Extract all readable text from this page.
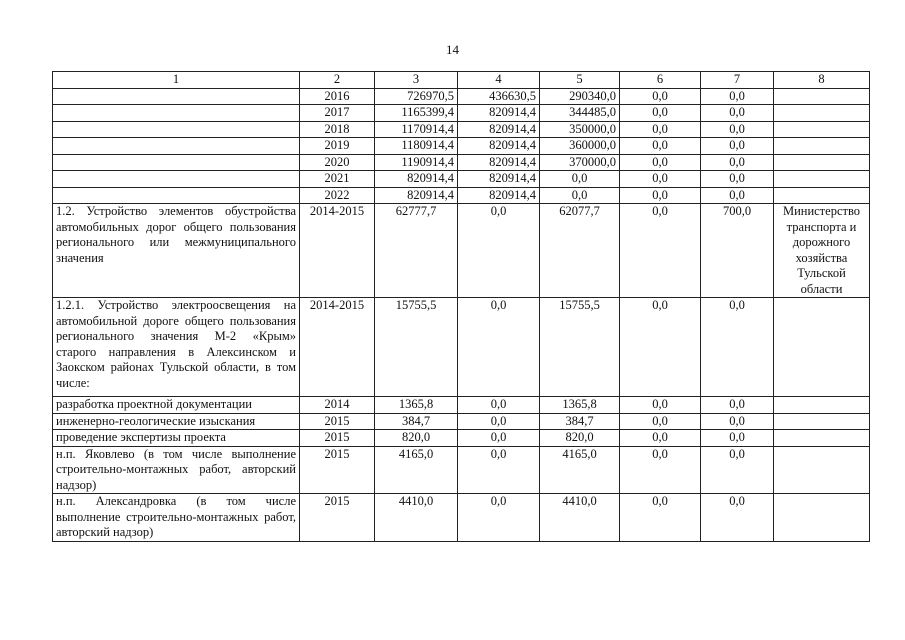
14
1	2	3	4	5	6	7	8
	2016	726970,5	436630,5	290340,0	0,0	0,0	
	2017	1165399,4	820914,4	344485,0	0,0	0,0	
	2018	1170914,4	820914,4	350000,0	0,0	0,0	
	2019	1180914,4	820914,4	360000,0	0,0	0,0	
	2020	1190914,4	820914,4	370000,0	0,0	0,0	
	2021	820914,4	820914,4	0,0	0,0	0,0	
	2022	820914,4	820914,4	0,0	0,0	0,0	
1.2. Устройство элементов обустройства автомобильных дорог общего пользования регионального или межмуниципального значения	2014-2015	62777,7	0,0	62077,7	0,0	700,0	Министерство транспорта и дорожного хозяйства Тульской области
1.2.1. Устройство электроосвещения на автомобильной дороге общего пользования регионального значения М-2 «Крым» старого направления в Алексинском и Заокском районах Тульской области, в том числе:	2014-2015	15755,5	0,0	15755,5	0,0	0,0	
разработка проектной документации	2014	1365,8	0,0	1365,8	0,0	0,0	
инженерно-геологические изыскания	2015	384,7	0,0	384,7	0,0	0,0	
проведение экспертизы проекта	2015	820,0	0,0	820,0	0,0	0,0	
н.п. Яковлево (в том числе выполнение строительно-монтажных работ, авторский надзор)	2015	4165,0	0,0	4165,0	0,0	0,0	
н.п. Александровка (в том числе выполнение строительно-монтажных работ, авторский надзор)	2015	4410,0	0,0	4410,0	0,0	0,0	
